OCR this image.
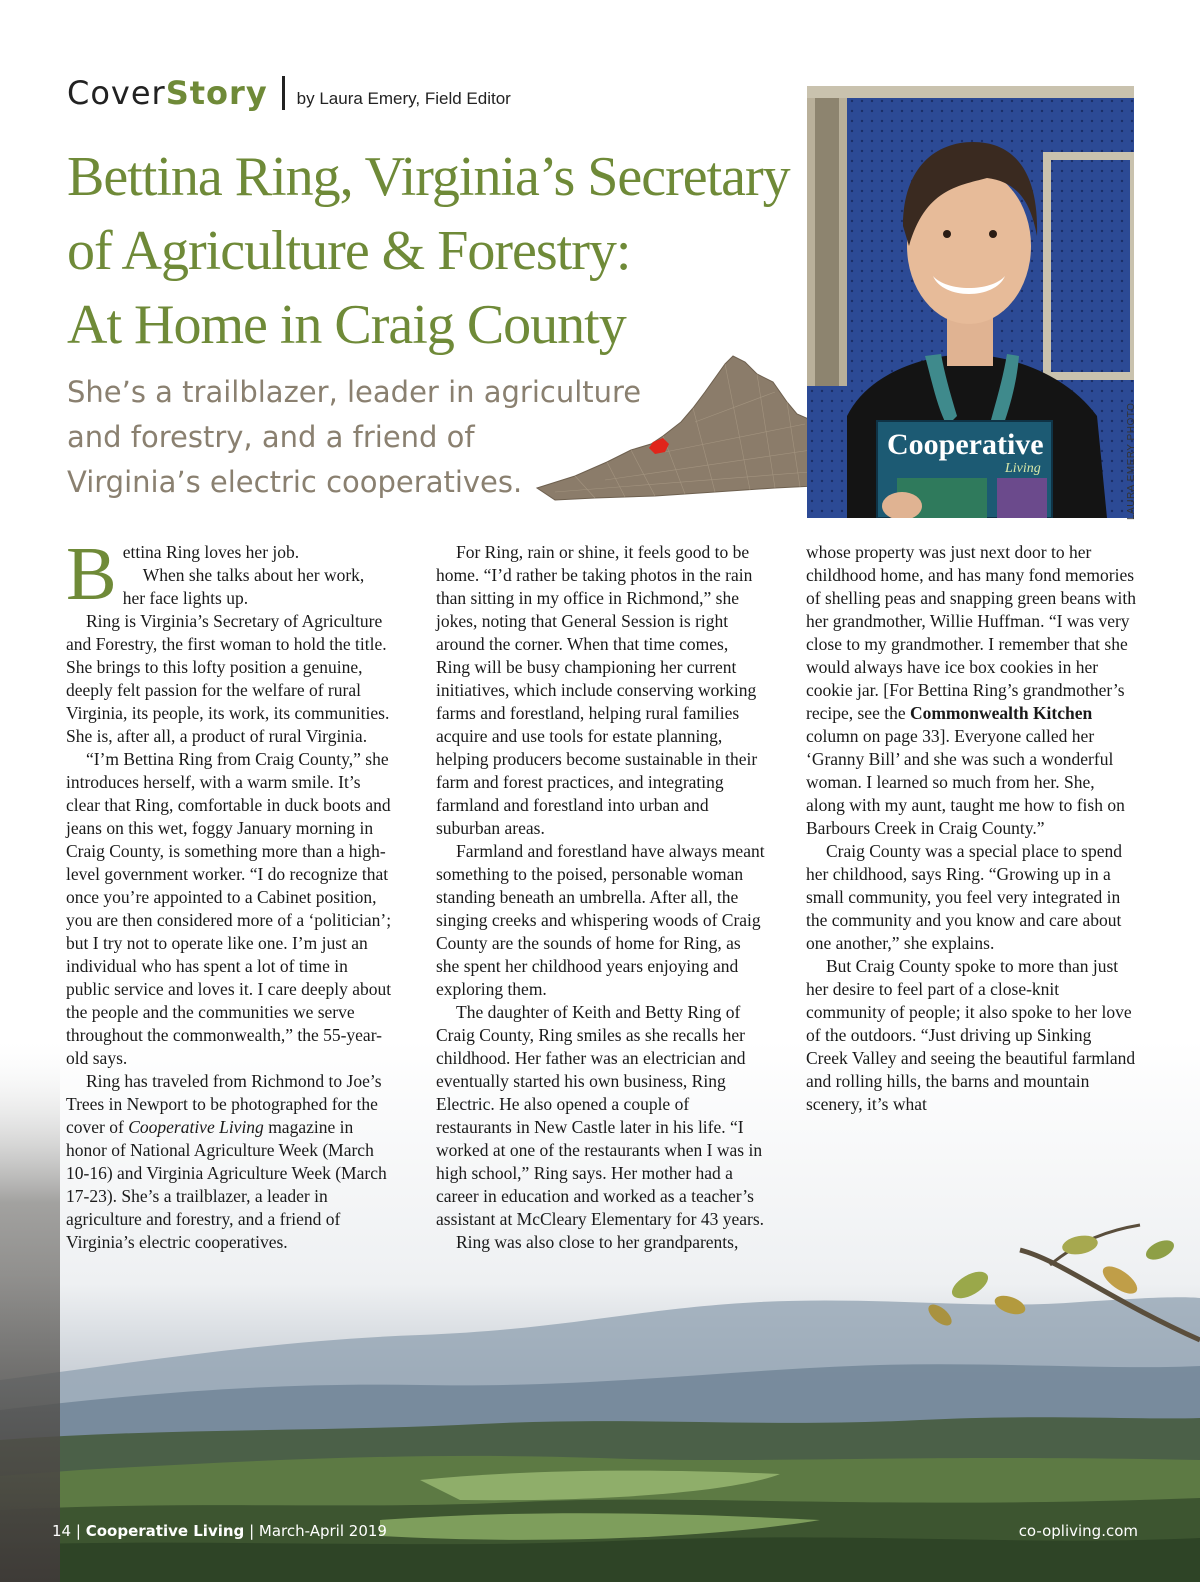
CoverStory by Laura Emery, Field Editor
Bettina Ring, Virginia’s Secretary
of Agriculture & Forestry:
At Home in Craig County

She’s a trailblazer, leader in agriculture
and forestry, and a friend of
Virginia’s electric cooperatives.

Cooperative
Living	LAURA EMERY PHOTO

Bettina Ring loves her job.
When she talks about her work,
her face lights up.

Ring is Virginia’s Secretary of Agriculture and Forestry, the first woman to hold the title. She brings to this lofty position a genuine, deeply felt passion for the welfare of rural Virginia, its people, its work, its communities. She is, after all, a product of rural Virginia.

“I’m Bettina Ring from Craig County,” she introduces herself, with a warm smile. It’s clear that Ring, comfortable in duck boots and jeans on this wet, foggy January morning in Craig County, is something more than a high-level government worker. “I do recognize that once you’re appointed to a Cabinet position, you are then considered more of a ‘politician’; but I try not to operate like one. I’m just an individual who has spent a lot of time in public service and loves it. I care deeply about the people and the communities we serve throughout the commonwealth,” the 55-year-old says.

Ring has traveled from Richmond to Joe’s Trees in Newport to be photographed for the cover of Cooperative Living magazine in honor of National Agriculture Week (March 10-16) and Virginia Agriculture Week (March 17-23). She’s a trailblazer, a leader in agriculture and forestry, and a friend of Virginia’s electric cooperatives.

For Ring, rain or shine, it feels good to be home. “I’d rather be taking photos in the rain than sitting in my office in Richmond,” she jokes, noting that General Session is right around the corner. When that time comes, Ring will be busy championing her current initiatives, which include conserving working farms and forestland, helping rural families acquire and use tools for estate planning, helping producers become sustainable in their farm and forest practices, and integrating farmland and forestland into urban and suburban areas.

Farmland and forestland have always meant something to the poised, personable woman standing beneath an umbrella. After all, the singing creeks and whispering woods of Craig County are the sounds of home for Ring, as she spent her childhood years enjoying and exploring them.

The daughter of Keith and Betty Ring of Craig County, Ring smiles as she recalls her childhood. Her father was an electrician and eventually started his own business, Ring Electric. He also opened a couple of restaurants in New Castle later in his life. “I worked at one of the restaurants when I was in high school,” Ring says. Her mother had a career in education and worked as a teacher’s assistant at McCleary Elementary for 43 years.

Ring was also close to her grandparents,

whose property was just next door to her childhood home, and has many fond memories of shelling peas and snapping green beans with her grandmother, Willie Huffman. “I was very close to my grandmother. I remember that she would always have ice box cookies in her cookie jar. [For Bettina Ring’s grandmother’s recipe, see the Commonwealth Kitchen column on page 33]. Everyone called her ‘Granny Bill’ and she was such a wonderful woman. I learned so much from her. She, along with my aunt, taught me how to fish on Barbours Creek in Craig County.”

Craig County was a special place to spend her childhood, says Ring. “Growing up in a small community, you feel very integrated in the community and you know and care about one another,” she explains.

But Craig County spoke to more than just her desire to feel part of a close-knit community of people; it also spoke to her love of the outdoors. “Just driving up Sinking Creek Valley and seeing the beautiful farmland and rolling hills, the barns and mountain scenery, it’s what

14 | Cooperative Living | March-April 2019	co-opliving.com
